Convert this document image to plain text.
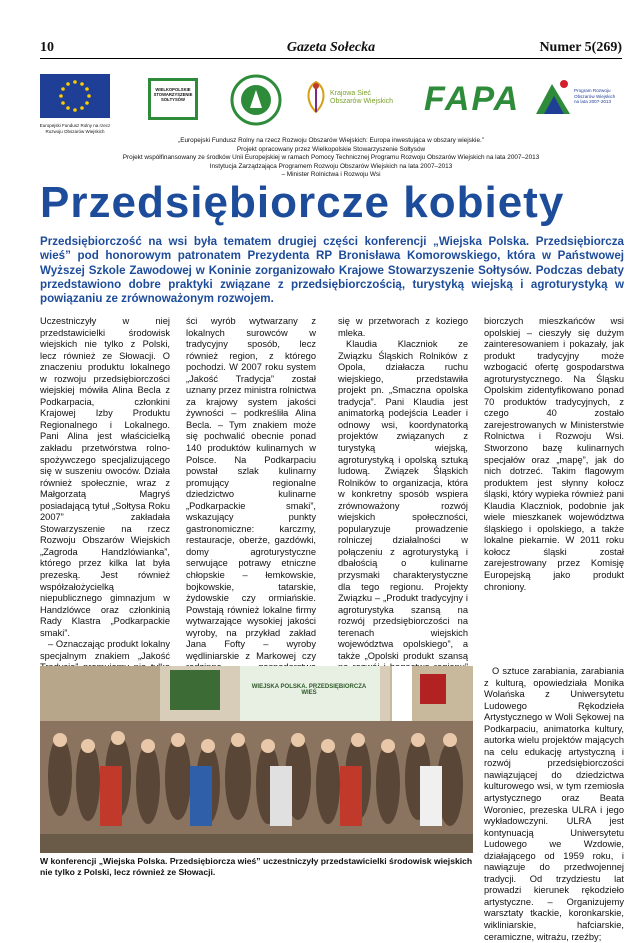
10	Gazeta Sołecka	Numer 5(269)
Europejski Fundusz Rolny na rzecz Rozwoju Obszarów Wiejskich
WIELKOPOLSKIE STOWARZYSZENIE SOŁTYSÓW
Krajowa Sieć Obszarów Wiejskich FAPA	Program Rozwoju Obszarów Wiejskich na lata 2007-2013
„Europejski Fundusz Rolny na rzecz Rozwoju Obszarów Wiejskich: Europa inwestująca w obszary wiejskie.”
Projekt opracowany przez Wielkopolskie Stowarzyszenie Sołtysów
Projekt współfinansowany ze środków Unii Europejskiej w ramach Pomocy Technicznej Programu Rozwoju Obszarów Wiejskich na lata 2007–2013
Instytucja Zarządzająca Programem Rozwoju Obszarów Wiejskich na lata 2007–2013
– Minister Rolnictwa i Rozwoju Wsi
Przedsiębiorcze kobiety
Przedsiębiorczość na wsi była tematem drugiej części konferencji „Wiejska Polska. Przedsiębiorcza wieś” pod honorowym patronatem Prezydenta RP Bronisława Komorowskiego, która w Państwowej Wyższej Szkole Zawodowej w Koninie zorganizowało Krajowe Stowarzyszenie Sołtysów. Podczas debaty przedstawiono dobre praktyki związane z przedsiębiorczością, turystyką wiejską i agroturystyką w powiązaniu ze zrównoważonym rozwojem.

Uczestniczyły w niej przedstawicielki środowisk wiejskich nie tylko z Polski, lecz również ze Słowacji. O znaczeniu produktu lokalnego w rozwoju przedsiębiorczości wiejskiej mówiła Alina Becla z Podkarpacia, członkini Krajowej Izby Produktu Regionalnego i Lokalnego. Pani Alina jest właścicielką zakładu przetwórstwa rolno-spożywczego specjalizującego się w suszeniu owoców. Działa również społecznie, wraz z Małgorzatą Magryś posiadającą tytuł „Sołtysa Roku 2007” zakładała Stowarzyszenie na rzecz Rozwoju Obszarów Wiejskich „Zagroda Handzlówianka”, którego przez kilka lat była prezeską. Jest również współzałożycielką niepublicznego gimnazjum w Handzlówce oraz członkinią Rady Klastra „Podkarpackie smaki”.

– Oznaczając produkt lokalny specjalnym znakiem „Jakość

ści wyrób wytwarzany z lokalnych surowców w tradycyjny sposób, lecz również region, z którego pochodzi. W 2007 roku system „Jakość Tradycja” został uznany przez ministra rolnictwa za krajowy system jakości żywności – podkreśliła Alina Becla. – Tym znakiem może się pochwalić obecnie ponad 140 produktów kulinarnych w Polsce. Na Podkarpaciu powstał szlak kulinarny promujący regionalne dziedzictwo kulinarne „Podkarpackie smaki”, wskazujący punkty gastronomiczne: karczmy, restauracje, oberże, gazdówki, domy agroturystyczne serwujące potrawy etniczne chłopskie – łemkowskie, bojkowskie, tatarskie, żydowskie czy ormiańskie. Powstają również lokalne firmy wytwarzające wysokiej jakości wyroby, na przykład zakład Jana Fofty – wyroby wędliniarskie z Markowej czy

się w przetworach z koziego mleka.

Klaudia Klaczniok ze Związku Śląskich Rolników z Opola, działacza ruchu wiejskiego, przedstawiła projekt pn. „Smaczna opolska tradycja”. Pani Klaudia jest animatorką podejścia Leader i odnowy wsi, koordynatorką projektów związanych z turystyką wiejską, agroturystyką i opolską sztuką ludową. Związek Śląskich Rolników to organizacja, która w konkretny sposób wspiera zrównoważony rozwój wiejskich społeczności, popularyzuje prowadzenie rolniczej działalności w połączeniu z agroturystyką i dbałością o kulinarne przysmaki charakterystyczne dla tego regionu. Projekty Związku – „Produkt tradycyjny i agroturystyka szansą na rozwój przedsiębiorczości na terenach wiejskich województwa opolskiego”, a także „Opolski produkt szansą

biorczych mieszkańców wsi opolskiej – cieszyły się dużym zainteresowaniem i pokazały, jak produkt tradycyjny może wzbogacić ofertę gospodarstwa agroturystycznego. Na Śląsku Opolskim zidentyfikowano ponad 70 produktów tradycyjnych, z czego 40 zostało zarejestrowanych w Ministerstwie Rolnictwa i Rozwoju Wsi. Stworzono bazę kulinarnych specjałów oraz „mapę”, jak do nich dotrzeć. Takim flagowym produktem jest słynny kołocz śląski, który wypieka również pani Klaudia Klaczniok, podobnie jak wiele mieszkanek województwa śląskiego i opolskiego, a także lokalne piekarnie. W 2011 roku kołocz śląski został zarejestrowany przez Komisję Europejską jako produkt chroniony.

WIEJSKA POLSKA. PRZEDSIĘBIORCZA WIEŚ
W konferencji „Wiejska Polska. Przedsiębiorcza wieś” uczestniczyły przedstawicielki środowisk wiejskich nie tylko z Polski, lecz również ze Słowacji.

O sztuce zarabiania, zarabiania z kulturą, opowiedziała Monika Wolańska z Uniwersytetu Ludowego Rękodzieła Artystycznego w Woli Sękowej na Podkarpaciu, animatorka kultury, autorka wielu projektów mających na celu edukację artystyczną i rozwój przedsiębiorczości nawiązującej do dziedzictwa kulturowego wsi, w tym rzemiosła artystycznego oraz Beata Woroniec, prezeska ULRA i jego wykładowczyni. ULRA jest kontynuacją Uniwersytetu Ludowego we Wzdowie, działającego od 1959 roku, i nawiązuje do przedwojennej tradycji. Od trzydziestu lat prowadzi kierunek rękodzieło artystyczne. – Organizujemy warsztaty tkackie, koronkarskie, wikliniarskie, hafciarskie, ceramiczne, witrażu, rzeźby;
